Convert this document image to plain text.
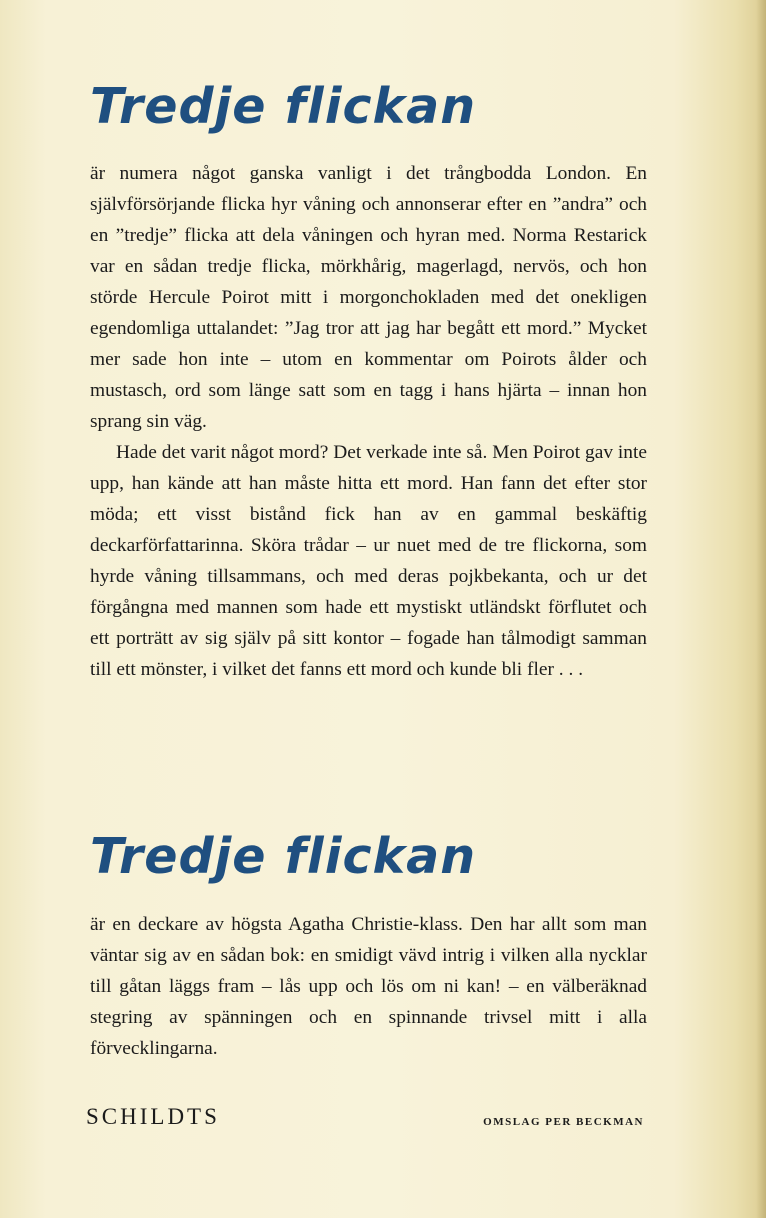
Tredje flickan

är numera något ganska vanligt i det trångbodda London. En självförsörjande flicka hyr våning och annonserar efter en ”andra” och en ”tredje” flicka att dela våningen och hyran med. Norma Restarick var en sådan tredje flicka, mörkhårig, magerlagd, nervös, och hon störde Hercule Poirot mitt i morgonchokladen med det onekligen egendomliga uttalandet: ”Jag tror att jag har begått ett mord.” Mycket mer sade hon inte – utom en kommentar om Poirots ålder och mustasch, ord som länge satt som en tagg i hans hjärta – innan hon sprang sin väg.

Hade det varit något mord? Det verkade inte så. Men Poirot gav inte upp, han kände att han måste hitta ett mord. Han fann det efter stor möda; ett visst bistånd fick han av en gammal beskäftig deckarförfattarinna. Sköra trådar – ur nuet med de tre flickorna, som hyrde våning tillsammans, och med deras pojkbekanta, och ur det förgångna med mannen som hade ett mystiskt utländskt förflutet och ett porträtt av sig själv på sitt kontor – fogade han tålmodigt samman till ett mönster, i vilket det fanns ett mord och kunde bli fler . . .

Tredje flickan

är en deckare av högsta Agatha Christie-klass. Den har allt som man väntar sig av en sådan bok: en smidigt vävd intrig i vilken alla nycklar till gåtan läggs fram – lås upp och lös om ni kan! – en välberäknad stegring av spänningen och en spinnande trivsel mitt i alla förvecklingarna.

SCHILDTS	OMSLAG PER BECKMAN
